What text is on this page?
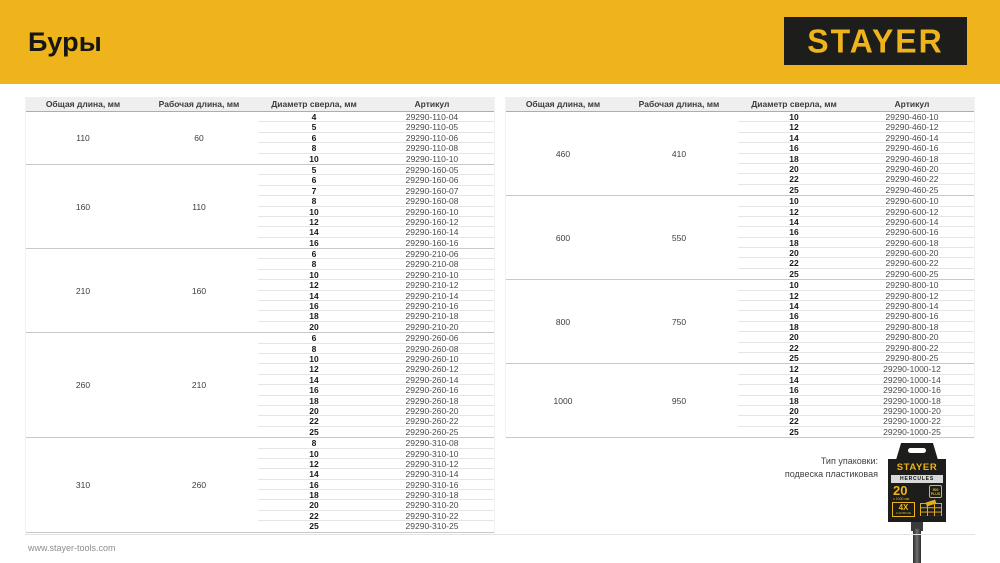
Буры	STAYER
Общая длина, мм	Рабочая длина, мм	Диаметр сверла, мм	Артикул
110	60
4	29290-110-04
5	29290-110-05
6	29290-110-06
8	29290-110-08
10	29290-110-10
160	110
5	29290-160-05
6	29290-160-06
7	29290-160-07
8	29290-160-08
10	29290-160-10
12	29290-160-12
14	29290-160-14
16	29290-160-16
210	160
6	29290-210-06
8	29290-210-08
10	29290-210-10
12	29290-210-12
14	29290-210-14
16	29290-210-16
18	29290-210-18
20	29290-210-20
260	210
6	29290-260-06
8	29290-260-08
10	29290-260-10
12	29290-260-12
14	29290-260-14
16	29290-260-16
18	29290-260-18
20	29290-260-20
22	29290-260-22
25	29290-260-25
310	260
8	29290-310-08
10	29290-310-10
12	29290-310-12
14	29290-310-14
16	29290-310-16
18	29290-310-18
20	29290-310-20
22	29290-310-22
25	29290-310-25
Общая длина, мм	Рабочая длина, мм	Диаметр сверла, мм	Артикул
460	410
10	29290-460-10
12	29290-460-12
14	29290-460-14
16	29290-460-16
18	29290-460-18
20	29290-460-20
22	29290-460-22
25	29290-460-25
600	550
10	29290-600-10
12	29290-600-12
14	29290-600-14
16	29290-600-16
18	29290-600-18
20	29290-600-20
22	29290-600-22
25	29290-600-25
800	750
10	29290-800-10
12	29290-800-12
14	29290-800-14
16	29290-800-16
18	29290-800-18
20	29290-800-20
22	29290-800-22
25	29290-800-25
1000	950
12	29290-1000-12
14	29290-1000-14
16	29290-1000-16
18	29290-1000-18
20	29290-1000-20
22	29290-1000-22
25	29290-1000-25
Тип упаковки:
подвеска пластиковая
STAYER
HERCULES
20
х 1000 мм
500
PLUS
4X
CARBIDE
www.stayer-tools.com
